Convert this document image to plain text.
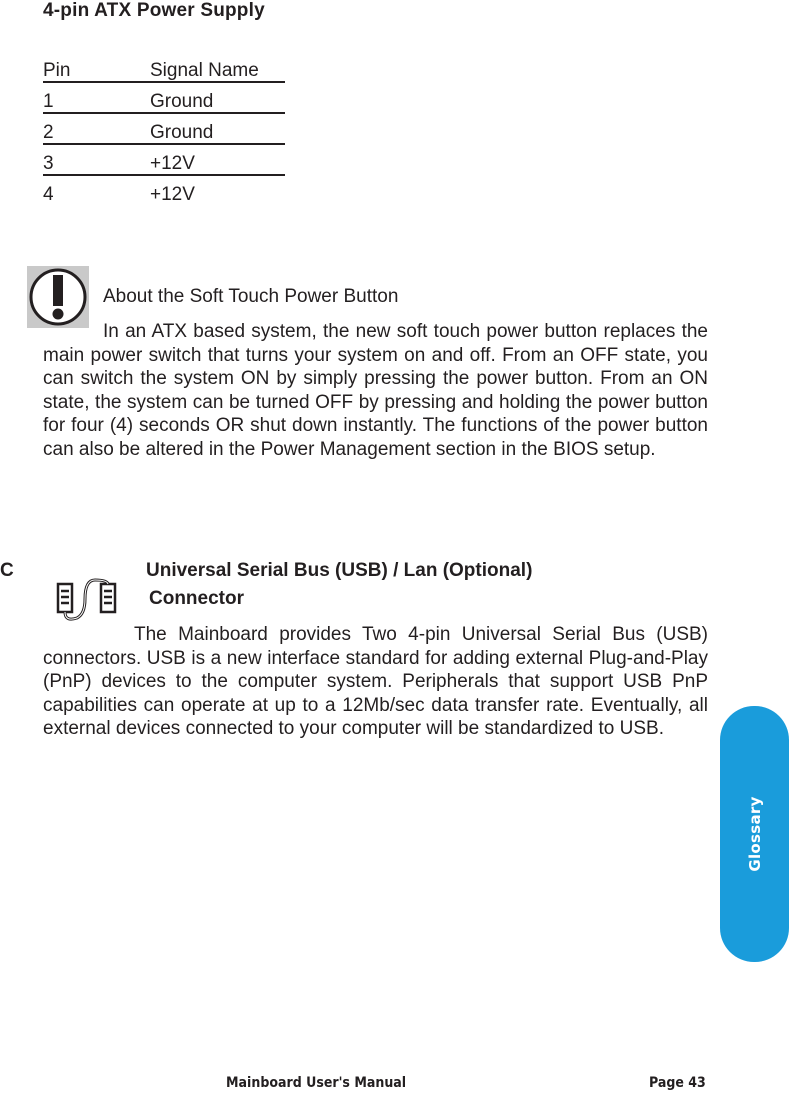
4-pin ATX Power Supply
Pin	Signal Name
1	Ground
2	Ground
3	+12V
4	+12V
About the Soft Touch Power Button

In an ATX based system, the new soft touch power button replaces the main power switch that turns your system on and off. From an OFF state, you can switch the system ON by simply pressing the power button. From an ON state, the system can be turned OFF by pressing and holding the power button for four (4) seconds OR shut down instantly. The functions of the power button can also be altered in the Power Management section in the BIOS setup.

C	Universal Serial Bus (USB) / Lan (Optional)
Connector

The Mainboard provides Two 4-pin Universal Serial Bus (USB) connectors. USB is a new interface standard for adding external Plug-and-Play (PnP) devices to the computer system. Peripherals that support USB PnP capabilities can operate at up to a 12Mb/sec data transfer rate. Eventually, all external devices connected to your computer will be standardized to USB.

Glossary
Mainboard User's Manual	Page 43
